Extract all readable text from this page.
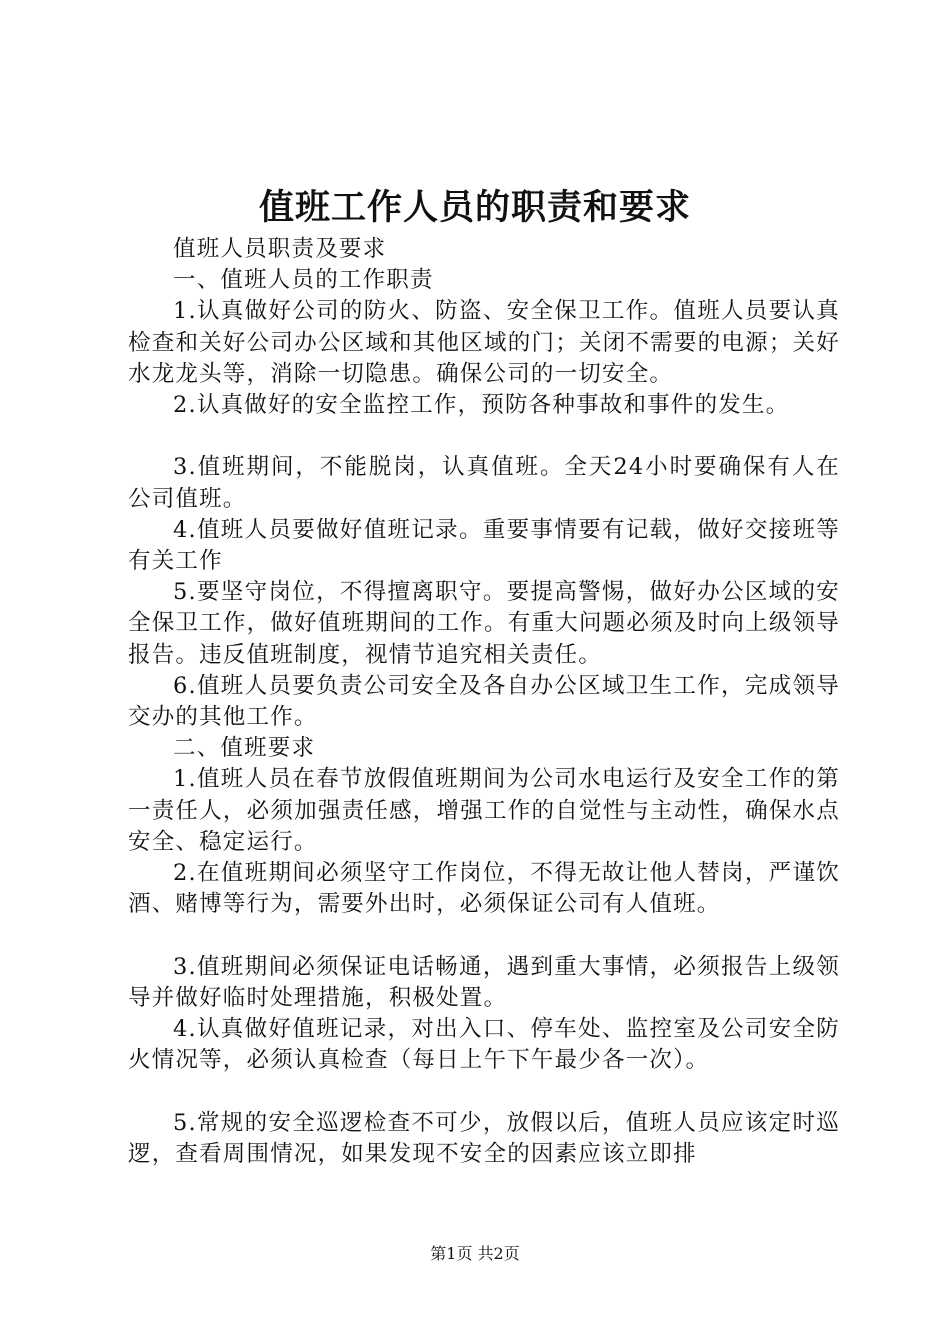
值班工作人员的职责和要求

值班人员职责及要求

一、值班人员的工作职责

1.认真做好公司的防火、防盗、安全保卫工作。值班人员要认真检查和关好公司办公区域和其他区域的门；关闭不需要的电源；关好水龙龙头等，消除一切隐患。确保公司的一切安全。

2.认真做好的安全监控工作，预防各种事故和事件的发生。

3.值班期间，不能脱岗，认真值班。全天24小时要确保有人在公司值班。

4.值班人员要做好值班记录。重要事情要有记载，做好交接班等有关工作

5.要坚守岗位，不得擅离职守。要提高警惕，做好办公区域的安全保卫工作，做好值班期间的工作。有重大问题必须及时向上级领导报告。违反值班制度，视情节追究相关责任。

6.值班人员要负责公司安全及各自办公区域卫生工作，完成领导交办的其他工作。

二、值班要求

1.值班人员在春节放假值班期间为公司水电运行及安全工作的第一责任人，必须加强责任感，增强工作的自觉性与主动性，确保水点安全、稳定运行。

2.在值班期间必须坚守工作岗位，不得无故让他人替岗，严谨饮酒、赌博等行为，需要外出时，必须保证公司有人值班。

3.值班期间必须保证电话畅通，遇到重大事情，必须报告上级领导并做好临时处理措施，积极处置。

4.认真做好值班记录，对出入口、停车处、监控室及公司安全防火情况等，必须认真检查（每日上午下午最少各一次）。

5.常规的安全巡逻检查不可少，放假以后，值班人员应该定时巡逻，查看周围情况，如果发现不安全的因素应该立即排

第1页 共2页
